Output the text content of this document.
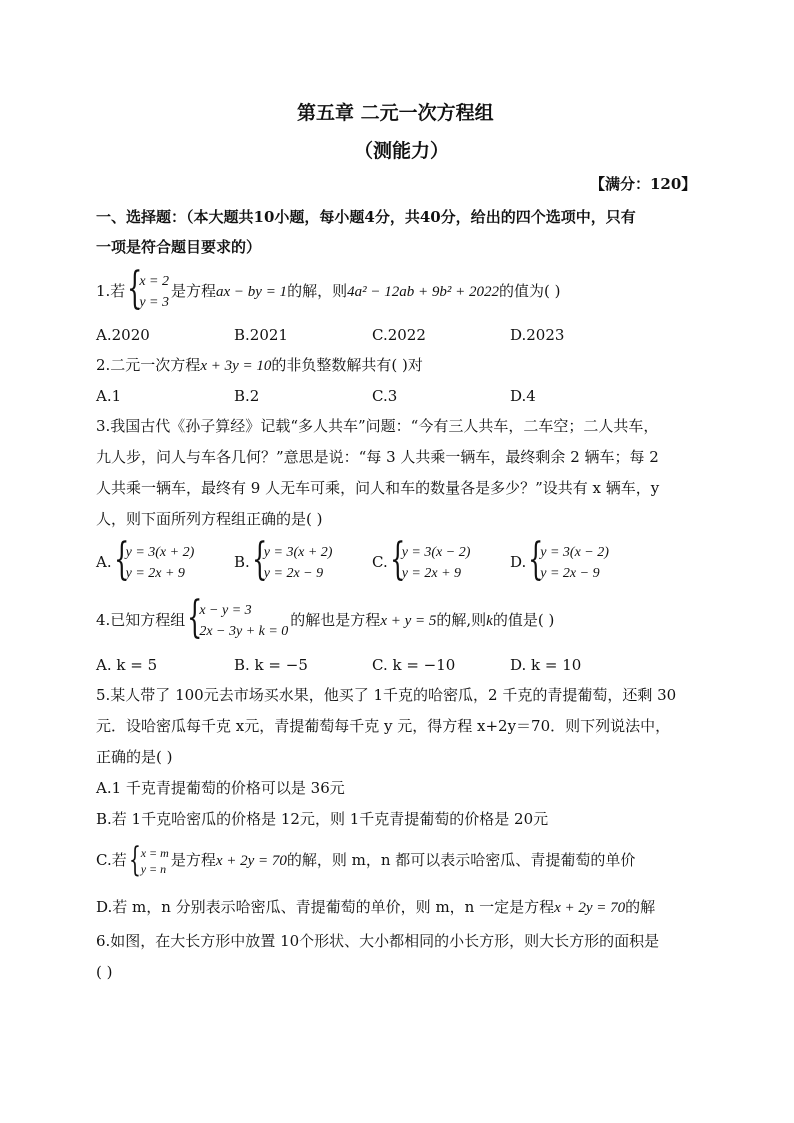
第五章 二元一次方程组
（测能力）
【满分：120】
一、选择题：（本大题共10小题，每小题4分，共40分，给出的四个选项中，只有
一项是符合题目要求的）
1.若 {
x = 2
y = 3
是方程ax − by = 1的解，则4a² − 12ab + 9b² + 2022的值为( )
A.2020	B.2021	C.2022	D.2023
2.二元一次方程x + 3y = 10的非负整数解共有( )对
A.1	B.2	C.3	D.4
3.我国古代《孙子算经》记载“多人共车”问题：“今有三人共车，二车空；二人共车，
九人步，问人与车各几何？”意思是说：“每 3 人共乘一辆车，最终剩余 2 辆车；每 2
人共乘一辆车，最终有 9 人无车可乘，问人和车的数量各是多少？”设共有 x 辆车，y
人，则下面所列方程组正确的是( )
A. {
y = 3(x + 2)
y = 2x + 9
B. {
y = 3(x + 2)
y = 2x − 9
C. {
y = 3(x − 2)
y = 2x + 9
D. {
y = 3(x − 2)
y = 2x − 9
4.已知方程组 {
x − y = 3
2x − 3y + k = 0
的解也是方程x + y = 5的解,则k的值是( )
A. k = 5	B. k = −5	C. k = −10	D. k = 10
5.某人带了 100元去市场买水果，他买了 1千克的哈密瓜，2 千克的青提葡萄，还剩 30
元．设哈密瓜每千克 x元，青提葡萄每千克 y 元，得方程 x+2y＝70．则下列说法中，
正确的是( )
A.1 千克青提葡萄的价格可以是 36元
B.若 1千克哈密瓜的价格是 12元，则 1千克青提葡萄的价格是 20元
C.若 { x = m
y = n 是方程x + 2y = 70的解，则 m，n 都可以表示哈密瓜、青提葡萄的单价
D.若 m，n 分别表示哈密瓜、青提葡萄的单价，则 m，n 一定是方程x + 2y = 70的解
6.如图，在大长方形中放置 10个形状、大小都相同的小长方形，则大长方形的面积是
( )
